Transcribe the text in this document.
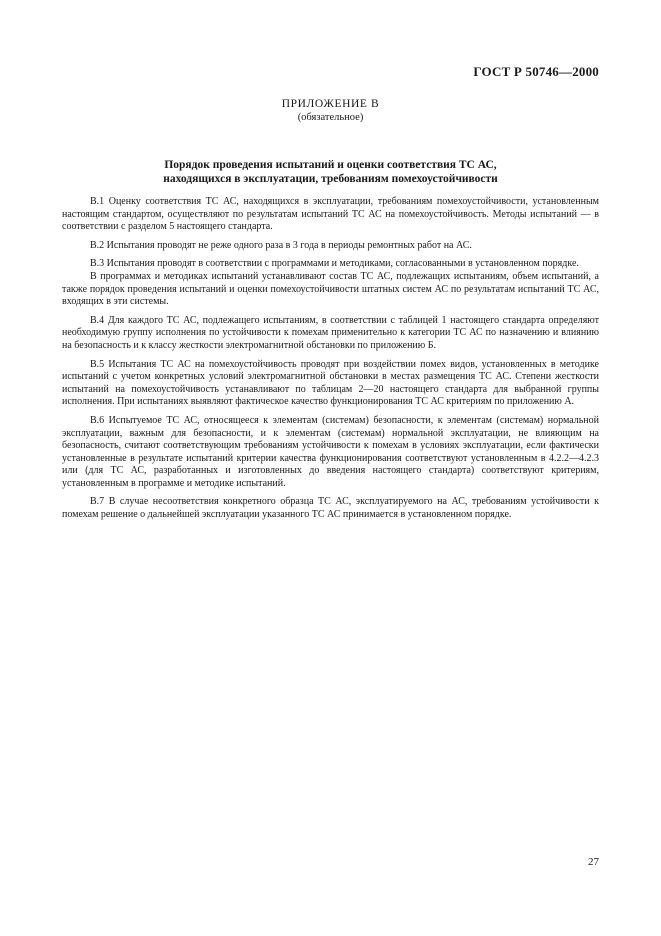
ГОСТ Р 50746—2000
ПРИЛОЖЕНИЕ В
(обязательное)
Порядок проведения испытаний и оценки соответствия ТС АС,
находящихся в эксплуатации, требованиям помехоустойчивости

В.1 Оценку соответствия ТС АС, находящихся в эксплуатации, требованиям помехоустойчивости, установленным настоящим стандартом, осуществляют по результатам испытаний ТС АС на помехоустойчивость. Методы испытаний — в соответствии с разделом 5 настоящего стандарта.

В.2 Испытания проводят не реже одного раза в 3 года в периоды ремонтных работ на АС.

В.3 Испытания проводят в соответствии с программами и методиками, согласованными в установленном порядке.

В программах и методиках испытаний устанавливают состав ТС АС, подлежащих испытаниям, объем испытаний, а также порядок проведения испытаний и оценки помехоустойчивости штатных систем АС по результатам испытаний ТС АС, входящих в эти системы.

В.4 Для каждого ТС АС, подлежащего испытаниям, в соответствии с таблицей 1 настоящего стандарта определяют необходимую группу исполнения по устойчивости к помехам применительно к категории ТС АС по назначению и влиянию на безопасность и к классу жесткости электромагнитной обстановки по приложению Б.

В.5 Испытания ТС АС на помехоустойчивость проводят при воздействии помех видов, установленных в методике испытаний с учетом конкретных условий электромагнитной обстановки в местах размещения ТС АС. Степени жесткости испытаний на помехоустойчивость устанавливают по таблицам 2—20 настоящего стандарта для выбранной группы исполнения. При испытаниях выявляют фактическое качество функционирования ТС АС критериям по приложению А.

В.6 Испытуемое ТС АС, относящееся к элементам (системам) безопасности, к элементам (системам) нормальной эксплуатации, важным для безопасности, и к элементам (системам) нормальной эксплуатации, не влияющим на безопасность, считают соответствующим требованиям устойчивости к помехам в условиях эксплуатации, если фактически установленные в результате испытаний критерии качества функционирования соответствуют установленным в 4.2.2—4.2.3 или (для ТС АС, разработанных и изготовленных до введения настоящего стандарта) соответствуют критериям, установленным в программе и методике испытаний.

В.7 В случае несоответствия конкретного образца ТС АС, эксплуатируемого на АС, требованиям устойчивости к помехам решение о дальнейшей эксплуатации указанного ТС АС принимается в установленном порядке.

27
